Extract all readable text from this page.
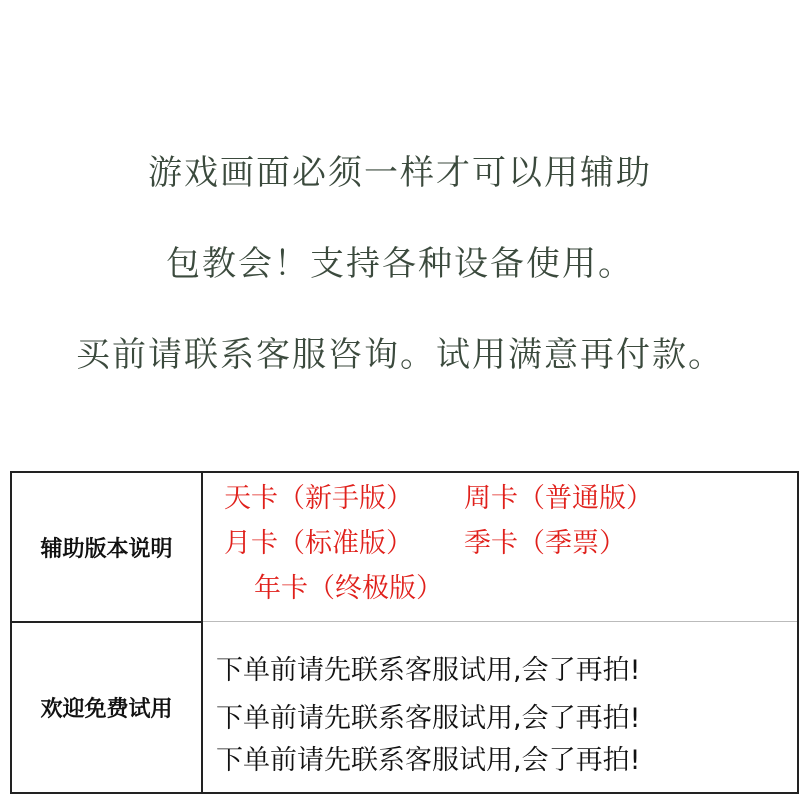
游戏画面必须一样才可以用辅助
包教会！支持各种设备使用。
买前请联系客服咨询。试用满意再付款。
辅助版本说明
欢迎免费试用
天卡（新手版） 周卡（普通版）
月卡（标准版） 季卡（季票）
年卡（终极版）
下单前请先联系客服试用,会了再拍!
下单前请先联系客服试用,会了再拍!
下单前请先联系客服试用,会了再拍!
